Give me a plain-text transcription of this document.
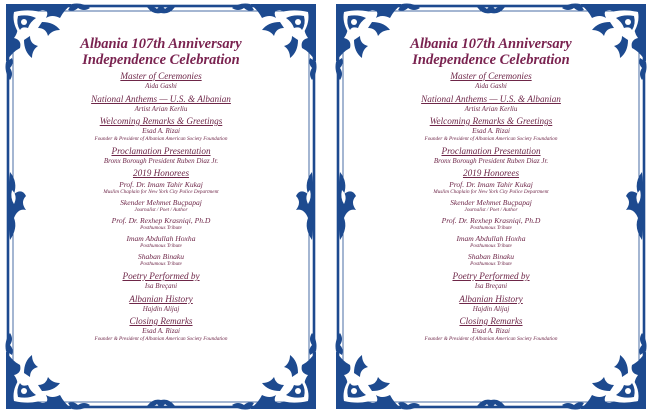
Albania 107th Anniversary
Independence Celebration
Master of Ceremonies
Aida Gashi
National Anthems — U.S. & Albanian
Artist Arian Kerliu
Welcoming Remarks & Greetings
Esad A. Rizai
Founder & President of Albanian American Society Foundation
Proclamation Presentation
Bronx Borough President Ruben Diaz Jr.
2019 Honorees
Prof. Dr. Imam Tahir Kukaj
Muslim Chaplain for New York City Police Department
Skender Mehmet Buçpapaj
Journalist / Poet / Author
Prof. Dr. Rexhep Krasniqi, Ph.D
Posthumous Tribute
Imam Abdullah Hoxha
Posthumous Tribute
Shaban Binaku
Posthumous Tribute
Poetry Performed by
Isa Breçani
Albanian History
Hajdin Alijaj
Closing Remarks
Esad A. Rizai
Founder & President of Albanian American Society Foundation
Albania 107th Anniversary
Independence Celebration
Master of Ceremonies
Aida Gashi
National Anthems — U.S. & Albanian
Artist Arian Kerliu
Welcoming Remarks & Greetings
Esad A. Rizai
Founder & President of Albanian American Society Foundation
Proclamation Presentation
Bronx Borough President Ruben Diaz Jr.
2019 Honorees
Prof. Dr. Imam Tahir Kukaj
Muslim Chaplain for New York City Police Department
Skender Mehmet Buçpapaj
Journalist / Poet / Author
Prof. Dr. Rexhep Krasniqi, Ph.D
Posthumous Tribute
Imam Abdullah Hoxha
Posthumous Tribute
Shaban Binaku
Posthumous Tribute
Poetry Performed by
Isa Breçani
Albanian History
Hajdin Alijaj
Closing Remarks
Esad A. Rizai
Founder & President of Albanian American Society Foundation
